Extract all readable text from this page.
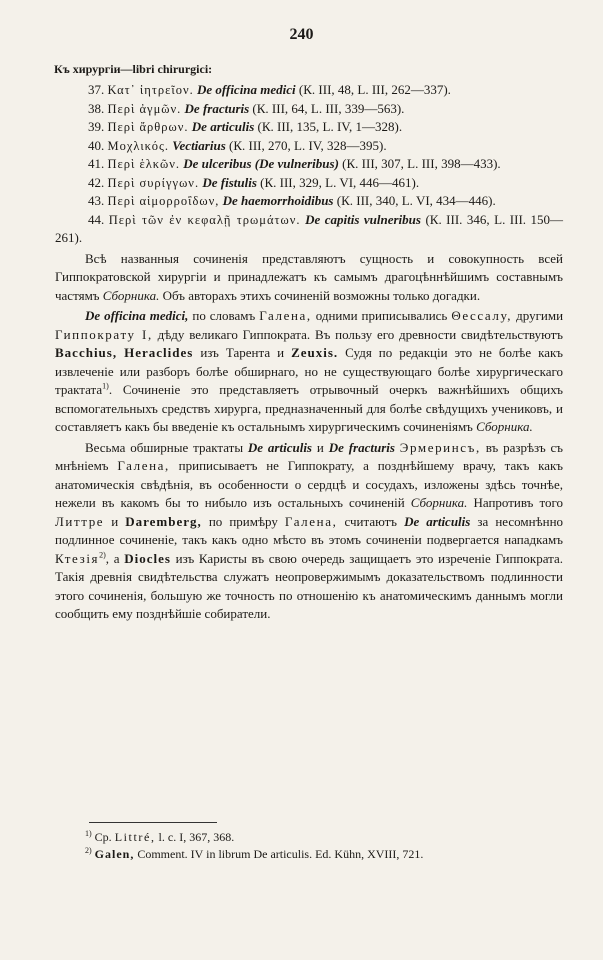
240
Къ хирургіи—libri chirurgici:

37. Κατ᾽ ἰητρεῖον. De officina medici (К. III, 48, L. III, 262—337).

38. Περὶ ἀγμῶν. De fracturis (К. III, 64, L. III, 339—563).

39. Περὶ ἄρθρων. De articulis (К. III, 135, L. IV, 1—328).

40. Μοχλικός. Vectiarius (К. III, 270, L. IV, 328—395).

41. Περὶ ἑλκῶν. De ulceribus (De vulneribus) (К. III, 307, L. III, 398—433).

42. Περὶ συρίγγων. De fistulis (К. III, 329, L. VI, 446—461).

43. Περὶ αἱμορροΐδων, De haemorrhoidibus (К. III, 340, L. VI, 434—446).

44. Περὶ τῶν ἐν κεφαλῇ τρωμάτων. De capitis vulneribus (К. III. 346, L. III. 150—261).

Всѣ названныя сочиненія представляютъ сущность и совокупность всей Гиппократовской хирургіи и принадлежатъ къ самымъ драгоцѣннѣйшимъ составнымъ частямъ Сборника. Объ авторахъ этихъ сочиненій возможны только догадки.

De officina medici, по словамъ Галена, одними приписывались Θессалу, другими Гиппократу I, дѣду великаго Гиппократа. Въ пользу его древности свидѣтельствуютъ Bacchius, Heraclides изъ Тарента и Zeuxis. Судя по редакціи это не болѣе какъ извлеченіе или разборъ болѣе обширнаго, но не существующаго болѣе хирургическаго трактата$^{1)}$. Сочиненіе это представляетъ отрывочный очеркъ важнѣйшихъ общихъ вспомогательныхъ средствъ хирурга, предназначенный для болѣе свѣдущихъ учениковъ, и составляетъ какъ бы введеніе къ остальнымъ хирургическимъ сочиненіямъ Сборника.

Весьма обширные трактаты De articulis и De fracturis Эрмеринсъ, въ разрѣзъ съ мнѣніемъ Галена, приписываетъ не Гиппократу, а позднѣйшему врачу, такъ какъ анатомическія свѣдѣнія, въ особенности о сердцѣ и сосудахъ, изложены здѣсь точнѣе, нежели въ какомъ бы то нибыло изъ остальныхъ сочиненій Сборника. Напротивъ того Литтре и Daremberg, по примѣру Галена, считаютъ De articulis за несомнѣнно подлинное сочиненіе, такъ какъ одно мѣсто въ этомъ сочиненіи подвергается нападкамъ Ктезія$^{2)}$, а Diocles изъ Каристы въ свою очередь защищаетъ это изреченіе Гиппократа. Такія древнія свидѣтельства служатъ неопровержимымъ доказательствомъ подлинности этого сочиненія, большую же точность по отношенію къ анатомическимъ даннымъ могли сообщить ему позднѣйшіе собиратели.

$^{1)}$ Cp. Littré, l. c. I, 367, 368.
$^{2)}$ Galen, Comment. IV in librum De articulis. Ed. Kühn, XVIII, 721.
